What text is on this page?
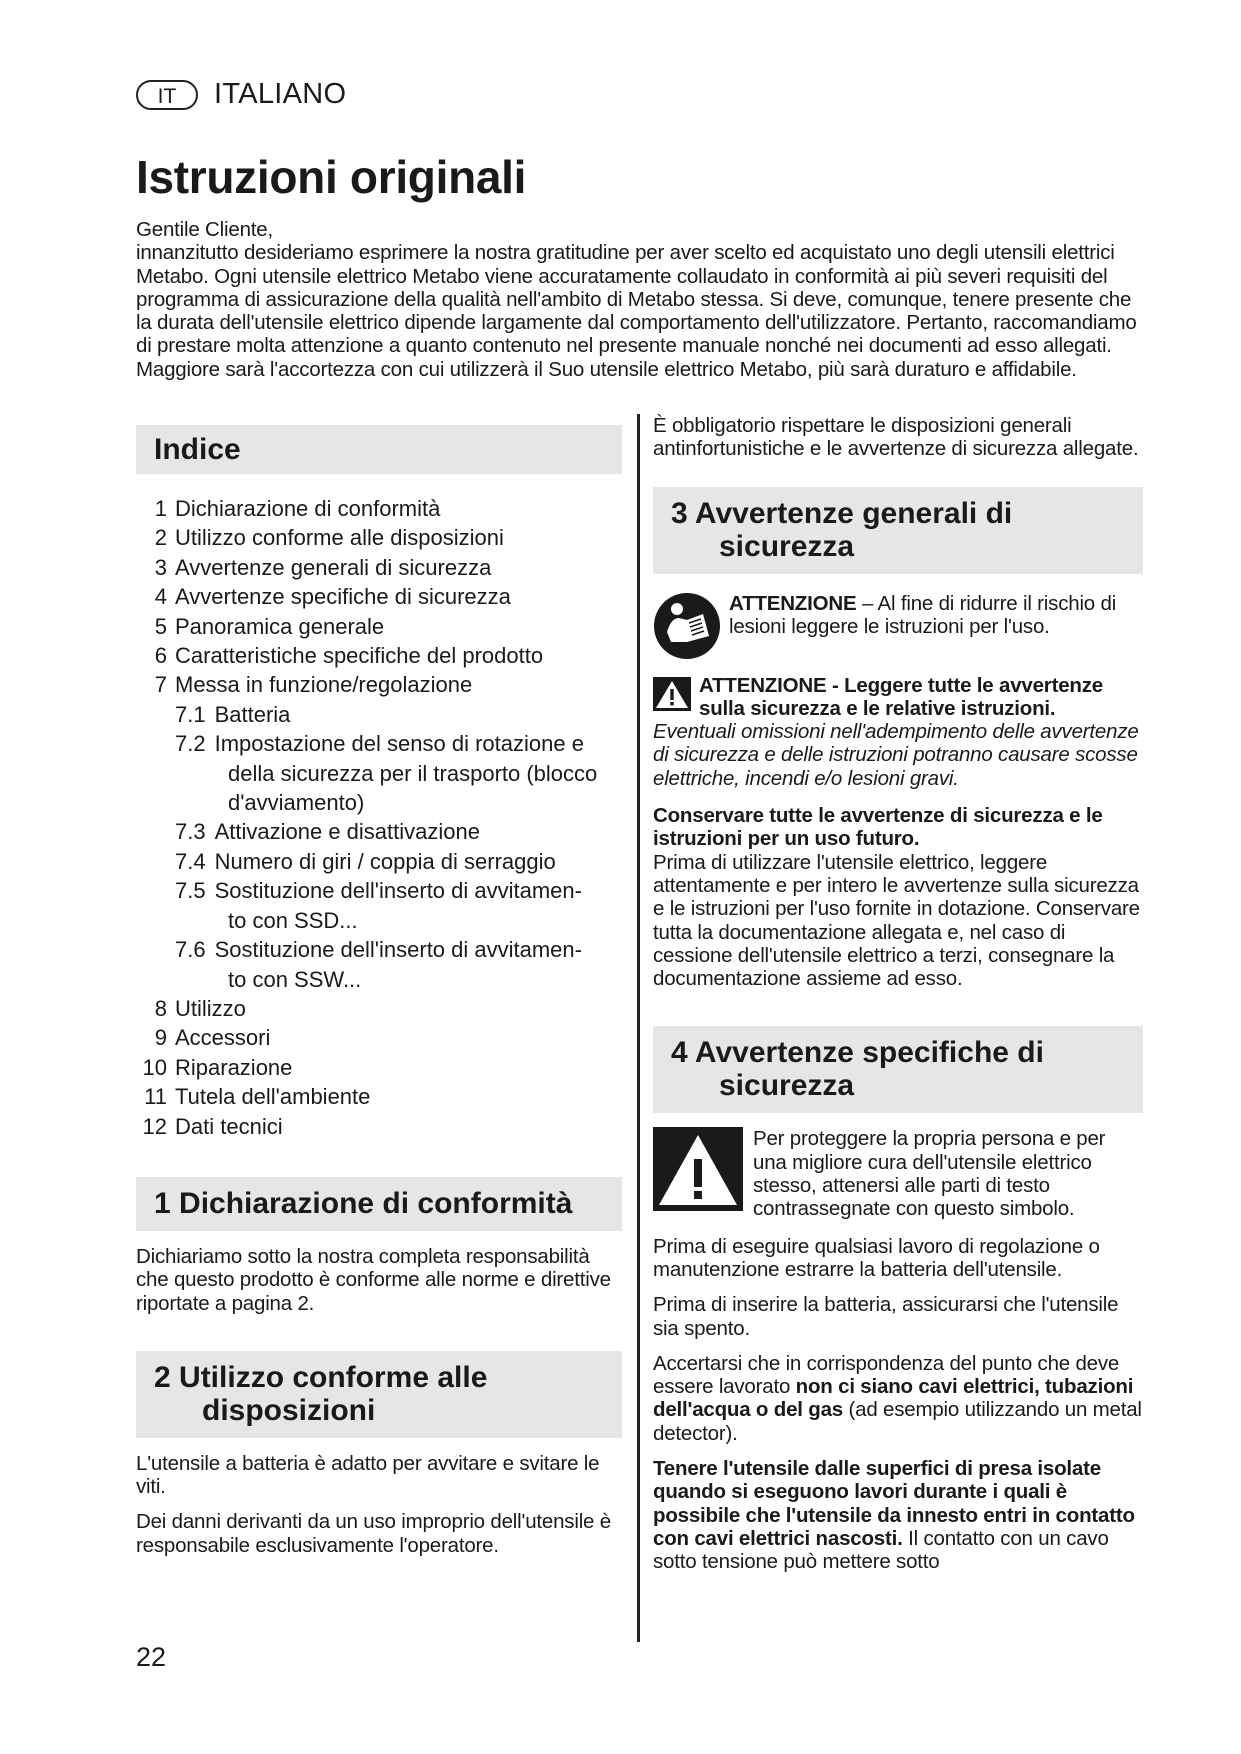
IT	ITALIANO
Istruzioni originali

Gentile Cliente,

innanzitutto desideriamo esprimere la nostra gratitudine per aver scelto ed acquistato uno degli utensili elettrici Metabo. Ogni utensile elettrico Metabo viene accuratamente collaudato in conformità ai più severi requisiti del programma di assicurazione della qualità nell'ambito di Metabo stessa. Si deve, comunque, tenere presente che la durata dell'utensile elettrico dipende largamente dal comportamento dell'utilizzatore. Pertanto, raccomandiamo di prestare molta attenzione a quanto contenuto nel presente manuale nonché nei documenti ad esso allegati. Maggiore sarà l'accortezza con cui utilizzerà il Suo utensile elettrico Metabo, più sarà duraturo e affidabile.

Indice
1 Dichiarazione di conformità
2 Utilizzo conforme alle disposizioni
3 Avvertenze generali di sicurezza
4 Avvertenze specifiche di sicurezza
5 Panoramica generale
6 Caratteristiche specifiche del prodotto
7 Messa in funzione/regolazione
7.1 Batteria
7.2 Impostazione del senso di rotazione e
della sicurezza per il trasporto (blocco d'avviamento)
7.3 Attivazione e disattivazione
7.4 Numero di giri / coppia di serraggio
7.5 Sostituzione dell'inserto di avvitamen-
to con SSD...
7.6 Sostituzione dell'inserto di avvitamen-
to con SSW...
8 Utilizzo
9 Accessori
10 Riparazione
11 Tutela dell'ambiente
12 Dati tecnici
1 Dichiarazione di conformità

Dichiariamo sotto la nostra completa responsabilità che questo prodotto è conforme alle norme e direttive riportate a pagina 2.

2 Utilizzo conforme alle
disposizioni

L'utensile a batteria è adatto per avvitare e svitare le viti.

Dei danni derivanti da un uso improprio dell'utensile è responsabile esclusivamente l'operatore.

È obbligatorio rispettare le disposizioni generali antinfortunistiche e le avvertenze di sicurezza allegate.

3 Avvertenze generali di
sicurezza

ATTENZIONE – Al fine di ridurre il rischio di lesioni leggere le istruzioni per l'uso.

ATTENZIONE - Leggere tutte le avvertenze sulla sicurezza e le relative istruzioni. Eventuali omissioni nell'adempimento delle avvertenze di sicurezza e delle istruzioni potranno causare scosse elettriche, incendi e/o lesioni gravi.

Conservare tutte le avvertenze di sicurezza e le istruzioni per un uso futuro.
Prima di utilizzare l'utensile elettrico, leggere attentamente e per intero le avvertenze sulla sicurezza e le istruzioni per l'uso fornite in dotazione. Conservare tutta la documentazione allegata e, nel caso di cessione dell'utensile elettrico a terzi, consegnare la documentazione assieme ad esso.

4 Avvertenze specifiche di
sicurezza

Per proteggere la propria persona e per una migliore cura dell'utensile elettrico stesso, attenersi alle parti di testo contrassegnate con questo simbolo.

Prima di eseguire qualsiasi lavoro di regolazione o manutenzione estrarre la batteria dell'utensile.

Prima di inserire la batteria, assicurarsi che l'utensile sia spento.

Accertarsi che in corrispondenza del punto che deve essere lavorato non ci siano cavi elettrici, tubazioni dell'acqua o del gas (ad esempio utilizzando un metal detector).

Tenere l'utensile dalle superfici di presa isolate quando si eseguono lavori durante i quali è possibile che l'utensile da innesto entri in contatto con cavi elettrici nascosti. Il contatto con un cavo sotto tensione può mettere sotto

22
